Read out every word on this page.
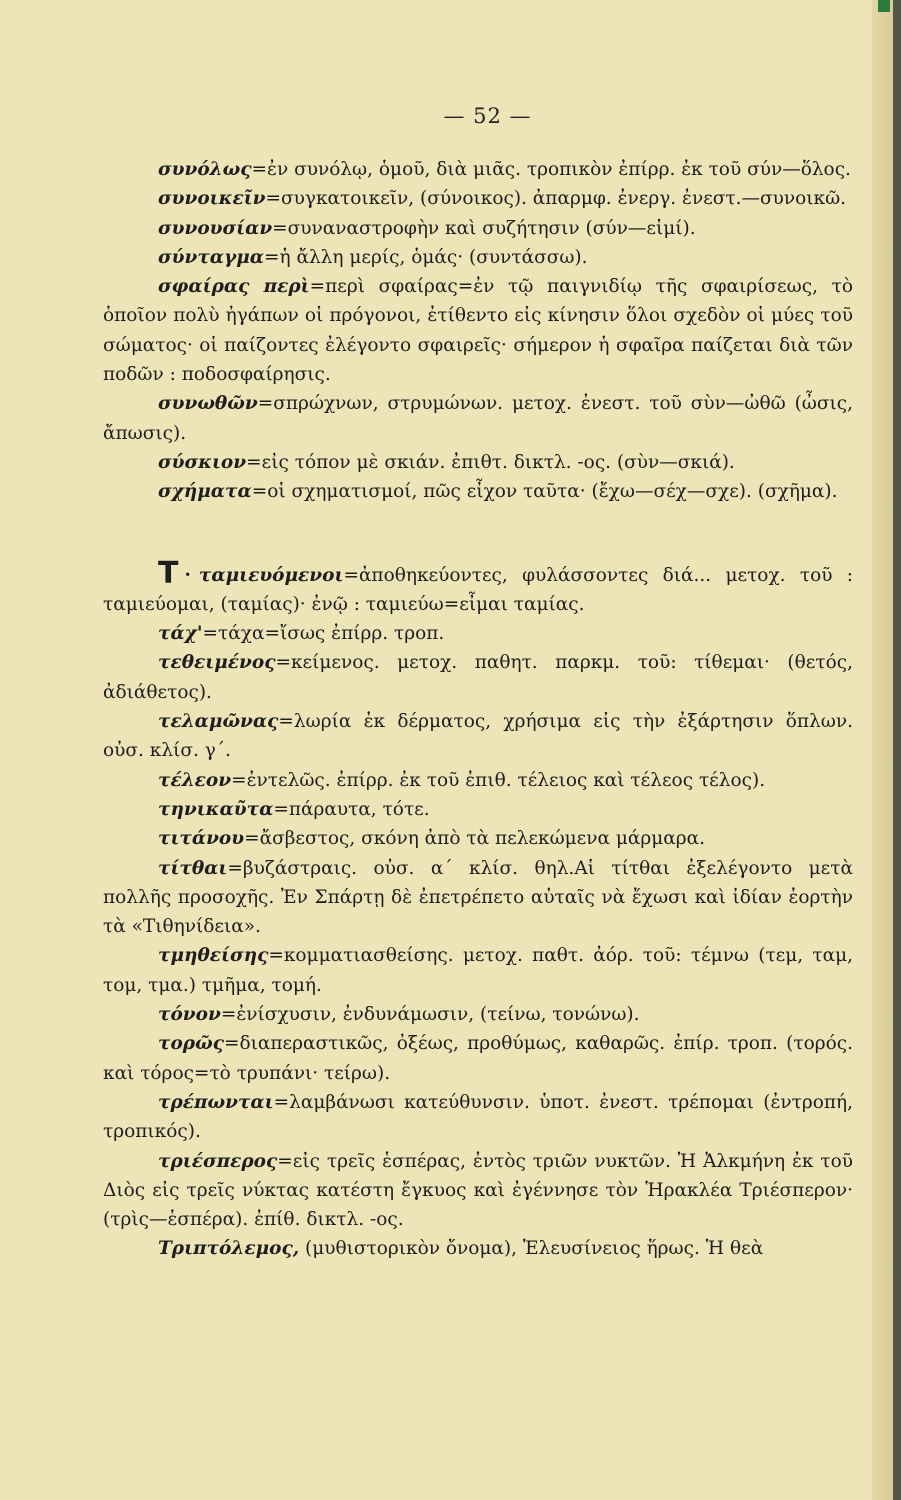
— 52 —
συνόλως=ἐν συνόλῳ, ὁμοῦ, διὰ μιᾶς. τροπικὸν ἐπίρρ. ἐκ τοῦ σύν—ὅλος.
συνοικεῖν=συγκατοικεῖν, (σύνοικος). ἀπαρμφ. ἐνεργ. ἐνεστ.—συνοικῶ.
συνουσίαν=συναναστροφὴν καὶ συζήτησιν (σύν—εἰμί).
σύνταγμα=ἡ ἄλλη μερίς, ὁμάς· (συντάσσω).
σφαίρας περὶ=περὶ σφαίρας=ἐν τῷ παιγνιδίῳ τῆς σφαιρίσεως, τὸ ὁποῖον πολὺ ἠγάπων οἱ πρόγονοι, ἐτίθεντο εἰς κίνησιν ὅλοι σχεδὸν οἱ μύες τοῦ σώματος· οἱ παίζοντες ἐλέγοντο σφαιρεῖς· σήμερον ἡ σφαῖρα παίζεται διὰ τῶν ποδῶν : ποδοσφαίρησις.
συνωθῶν=σπρώχνων, στρυμώνων. μετοχ. ἐνεστ. τοῦ σὺν—ὠθῶ (ὦσις, ἄπωσις).
σύσκιον=εἰς τόπον μὲ σκιάν. ἐπιθτ. δικτλ. -ος. (σὺν—σκιά).
σχήματα=οἱ σχηματισμοί, πῶς εἶχον ταῦτα· (ἔχω—σέχ—σχε). (σχῆμα).
T · ταμιευόμενοι=ἀποθηκεύοντες, φυλάσσοντες διά... μετοχ. τοῦ : ταμιεύομαι, (ταμίας)· ἐνῷ : ταμιεύω=εἶμαι ταμίας.
τάχ'=τάχα=ἴσως ἐπίρρ. τροπ.
τεθειμένος=κείμενος. μετοχ. παθητ. παρκμ. τοῦ: τίθεμαι· (θετός, ἀδιάθετος).
τελαμῶνας=λωρία ἐκ δέρματος, χρήσιμα εἰς τὴν ἐξάρτησιν ὅπλων. οὐσ. κλίσ. γ΄.
τέλεον=ἐντελῶς. ἐπίρρ. ἐκ τοῦ ἐπιθ. τέλειος καὶ τέλεος τέλος).
τηνικαῦτα=πάραυτα, τότε.
τιτάνου=ἄσβεστος, σκόνη ἀπὸ τὰ πελεκώμενα μάρμαρα.
τίτθαι=βυζάστραις. οὐσ. α΄ κλίσ. θηλ.Αἱ τίτθαι ἐξελέγοντο μετὰ πολλῆς προσοχῆς. Ἐν Σπάρτῃ δὲ ἐπετρέπετο αὐταῖς νὰ ἔχωσι καὶ ἰδίαν ἑορτὴν τὰ «Τιθηνίδεια».
τμηθείσης=κομματιασθείσης. μετοχ. παθτ. ἀόρ. τοῦ: τέμνω (τεμ, ταμ, τομ, τμα.) τμῆμα, τομή.
τόνον=ἐνίσχυσιν, ἐνδυνάμωσιν, (τείνω, τονώνω).
τορῶς=διαπεραστικῶς, ὀξέως, προθύμως, καθαρῶς. ἐπίρ. τροπ. (τορός. καὶ τόρος=τὸ τρυπάνι· τείρω).
τρέπωνται=λαμβάνωσι κατεύθυνσιν. ὑποτ. ἐνεστ. τρέπομαι (ἐντροπή, τροπικός).
τριέσπερος=εἰς τρεῖς ἑσπέρας, ἐντὸς τριῶν νυκτῶν. Ἡ Ἀλκμήνη ἐκ τοῦ Διὸς εἰς τρεῖς νύκτας κατέστη ἔγκυος καὶ ἐγέννησε τὸν Ἡρακλέα Τριέσπερον· (τρὶς—ἑσπέρα). ἐπίθ. δικτλ. -ος.
Τριπτόλεμος, (μυθιστορικὸν ὄνομα), Ἐλευσίνειος ἥρως. Ἡ θεὰ
